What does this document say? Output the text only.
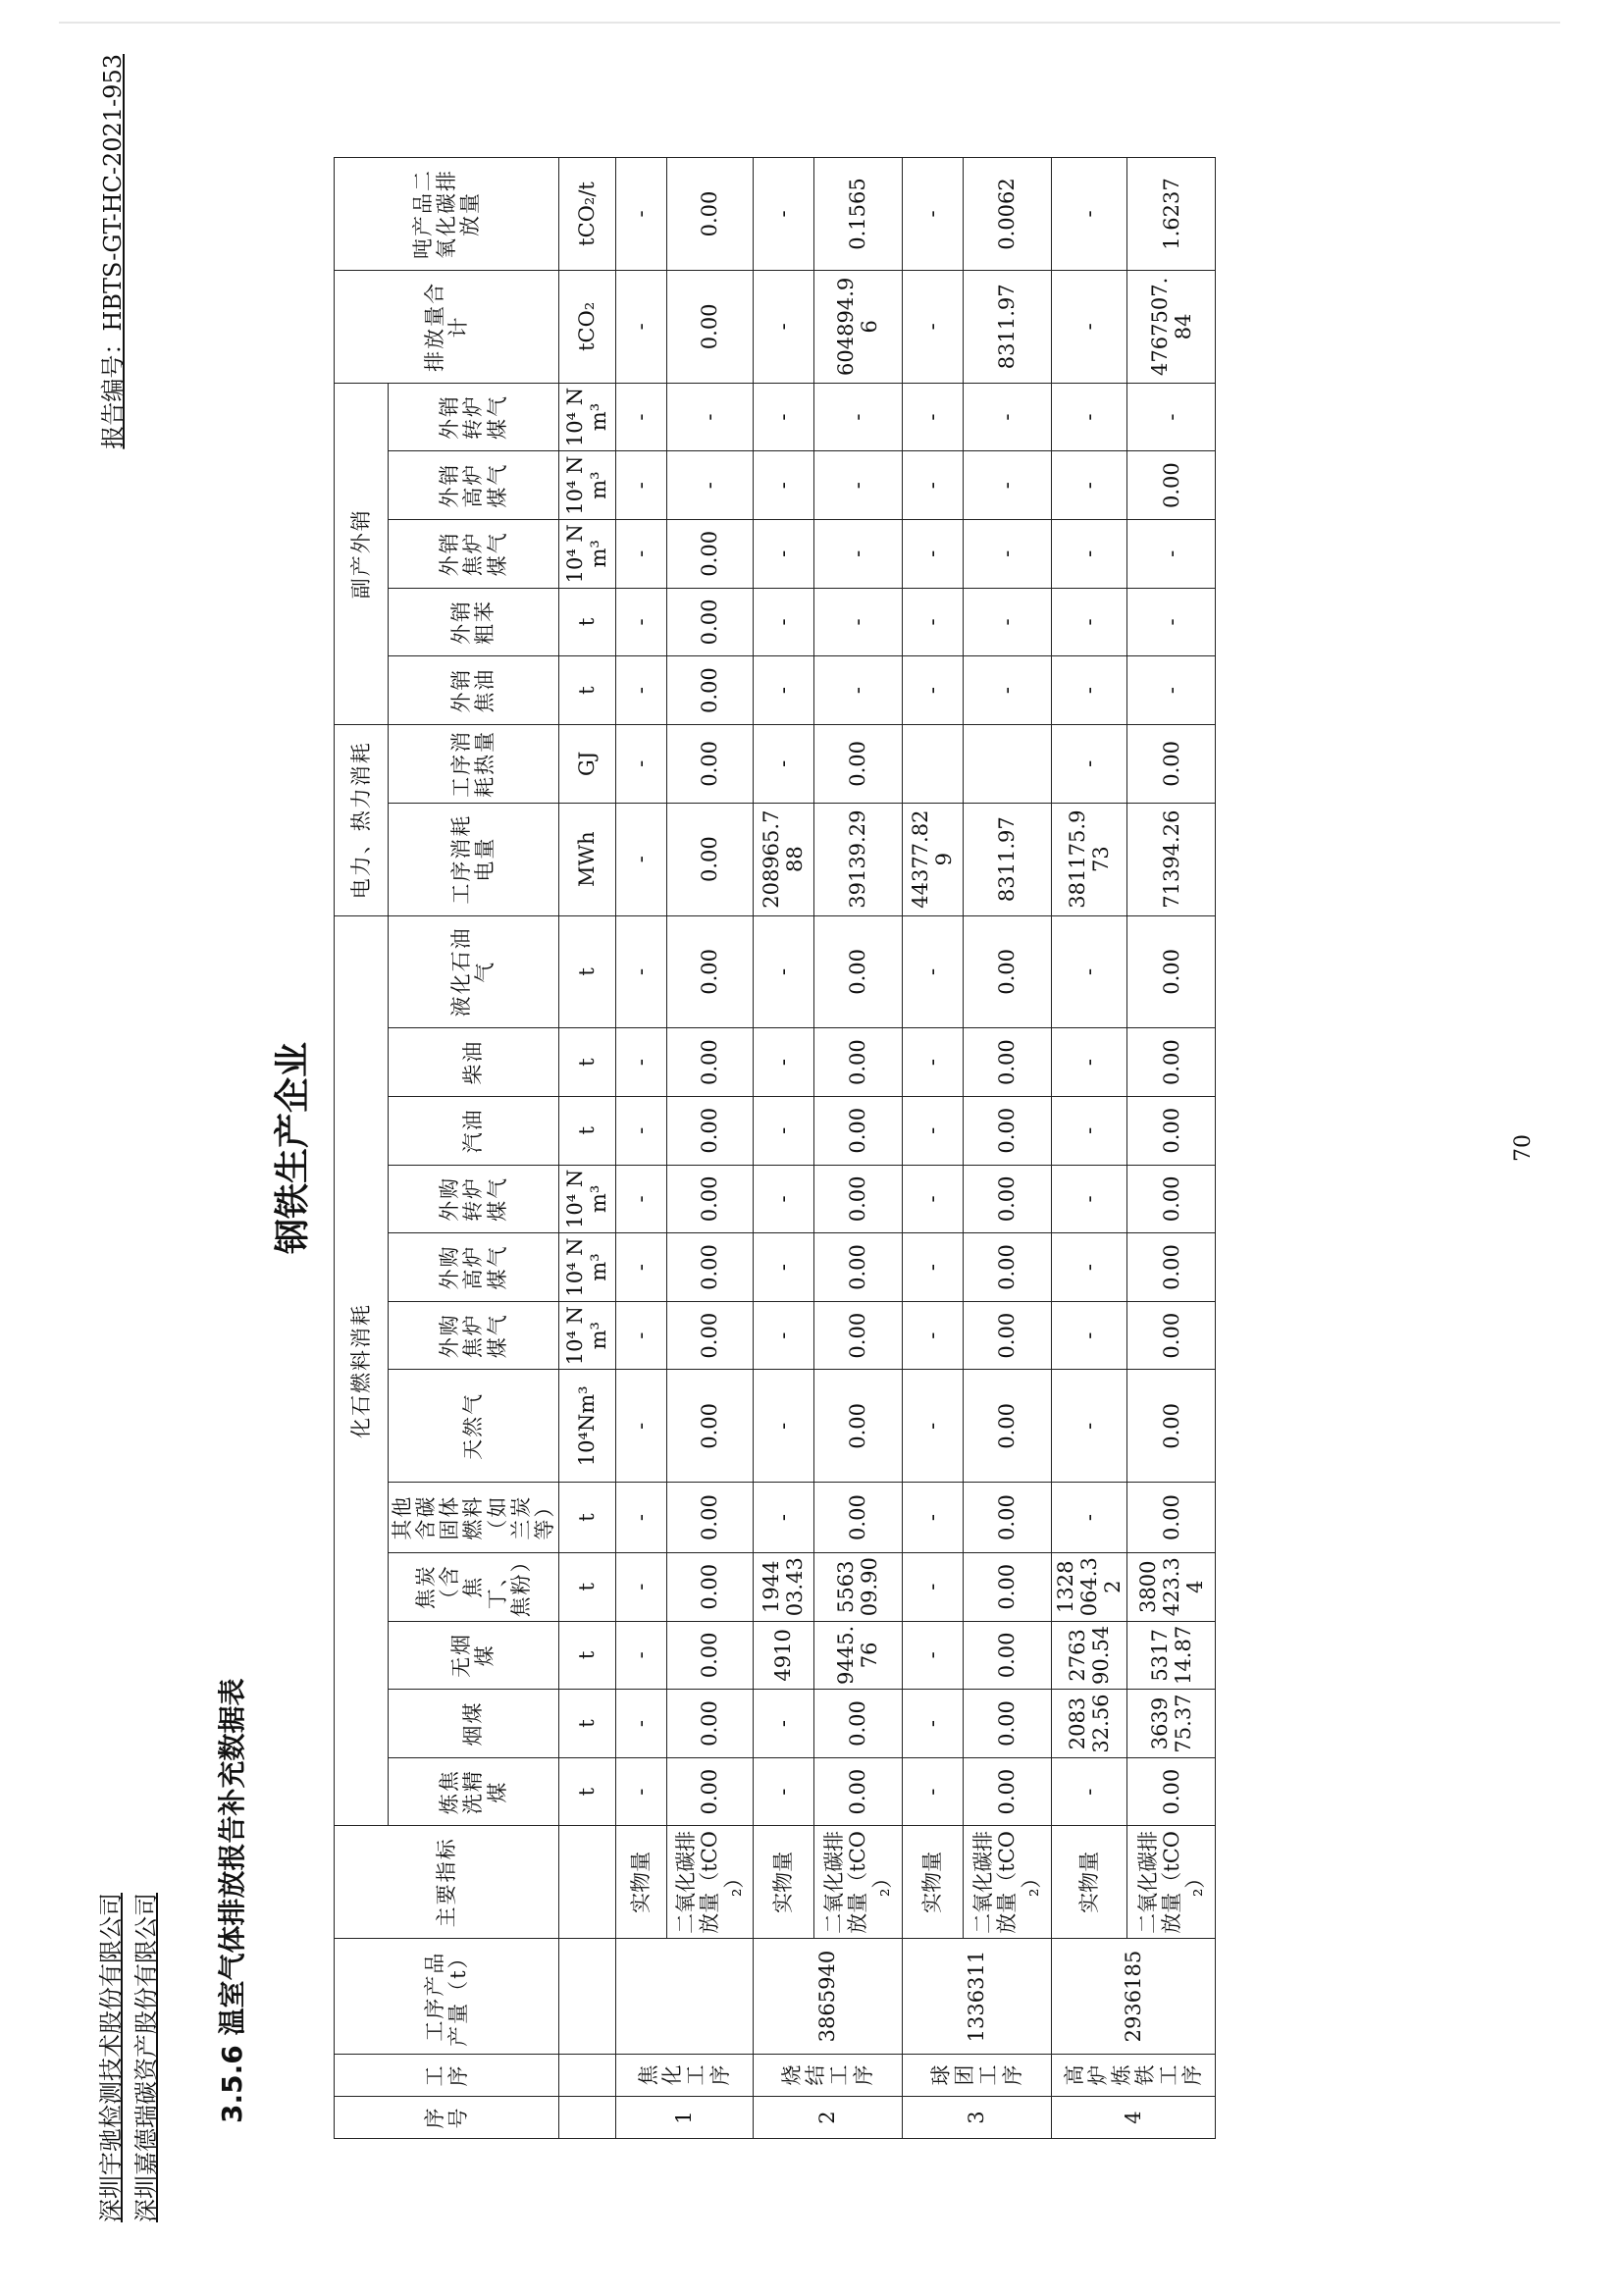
深圳宇驰检测技术股份有限公司 深圳嘉德瑞碳资产股份有限公司
报告编号：HBTS-GT-HC-2021-953
3.5.6 温室气体排放报告补充数据表
钢铁生产企业
序号	工序	工序产品产量（t）	主要指标	化石燃料消耗												电力、热力消耗		副产外销					排放量合计	吨产品二氧化碳排放量
				炼焦洗精煤	烟煤	无烟煤	焦炭（含焦丁、焦粉）	其他含碳固体燃料（如兰炭等）	天然气	外购焦炉煤气	外购高炉煤气	外购转炉煤气	汽油	柴油	液化石油气	工序消耗电量	工序消耗热量	外销焦油	外销粗苯	外销焦炉煤气	外销高炉煤气	外销转炉煤气		
				t	t	t	t	t	10⁴Nm³	10⁴ Nm³	10⁴ Nm³	10⁴ Nm³	t	t	t	MWh	GJ	t	t	10⁴ Nm³	10⁴ Nm³	10⁴ Nm³	tCO₂	tCO₂/t
1	焦化工序		实物量	-	-	-	-	-	-	-	-	-	-	-	-	-	-	-	-	-	-	-	-	-
			二氧化碳排放量（tCO₂）	0.00	0.00	0.00	0.00	0.00	0.00	0.00	0.00	0.00	0.00	0.00	0.00	0.00	0.00	0.00	0.00	0.00	-	-	0.00	0.00
2	烧结工序	3865940	实物量	-	-	4910	194403.43	-	-	-	-	-	-	-	-	208965.788	-	-	-	-	-	-	-	-
			二氧化碳排放量（tCO₂）	0.00	0.00	9445.76	556309.90	0.00	0.00	0.00	0.00	0.00	0.00	0.00	0.00	39139.29	0.00	-	-	-	-	-	604894.96	0.1565
3	球团工序	1336311	实物量	-	-	-	-	-	-	-	-	-	-	-	-	44377.829		-	-	-	-	-	-	-
			二氧化碳排放量（tCO₂）	0.00	0.00	0.00	0.00	0.00	0.00	0.00	0.00	0.00	0.00	0.00	0.00	8311.97		-	-	-	-	-	8311.97	0.0062
4	高炉炼铁工序	2936185	实物量	-	208332.56	276390.54	1328064.32	-	-	-	-	-	-	-	-	381175.973	-	-	-	-	-	-	-	-
			二氧化碳排放量（tCO₂）	0.00	363975.37	531714.87	3800423.34	0.00	0.00	0.00	0.00	0.00	0.00	0.00	0.00	71394.26	0.00	-	-	-	0.00	-	4767507.84	1.6237
70
